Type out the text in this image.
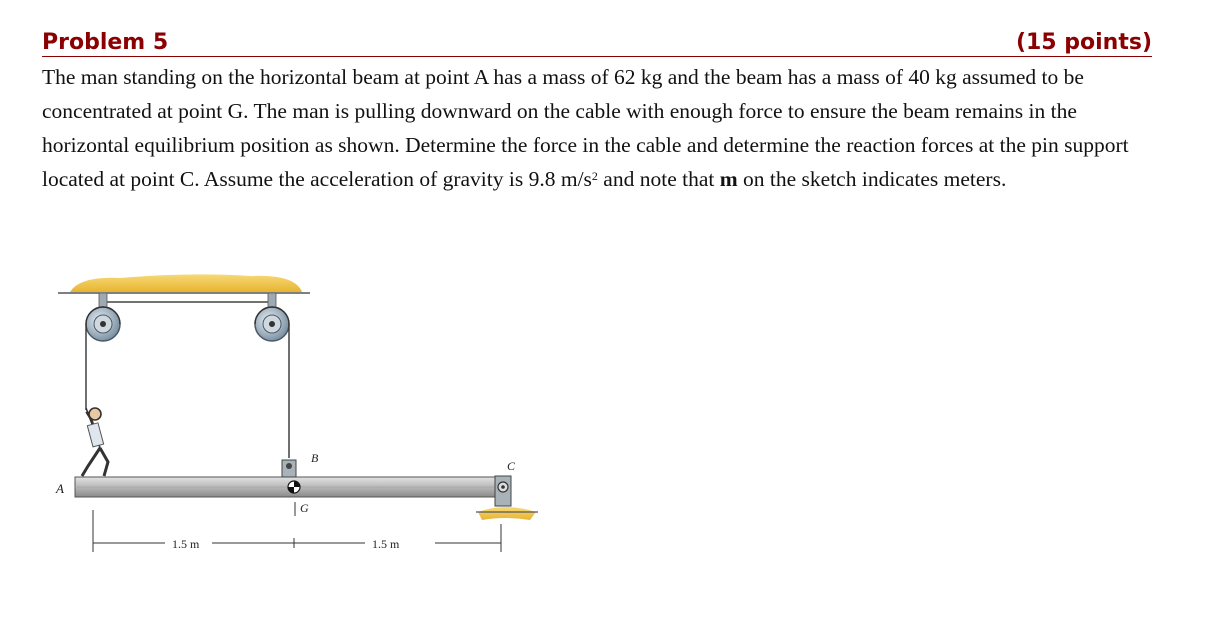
Problem 5	(15 points)
The man standing on the horizontal beam at point A has a mass of 62 kg and the beam has a mass of 40 kg assumed to be concentrated at point G. The man is pulling downward on the cable with enough force to ensure the beam remains in the horizontal equilibrium position as shown. Determine the force in the cable and determine the reaction forces at the pin support located at point C. Assume the acceleration of gravity is 9.8 $m/s^2$ and note that m on the sketch indicates meters.
A
B
C
G
1.5 m	1.5 m
